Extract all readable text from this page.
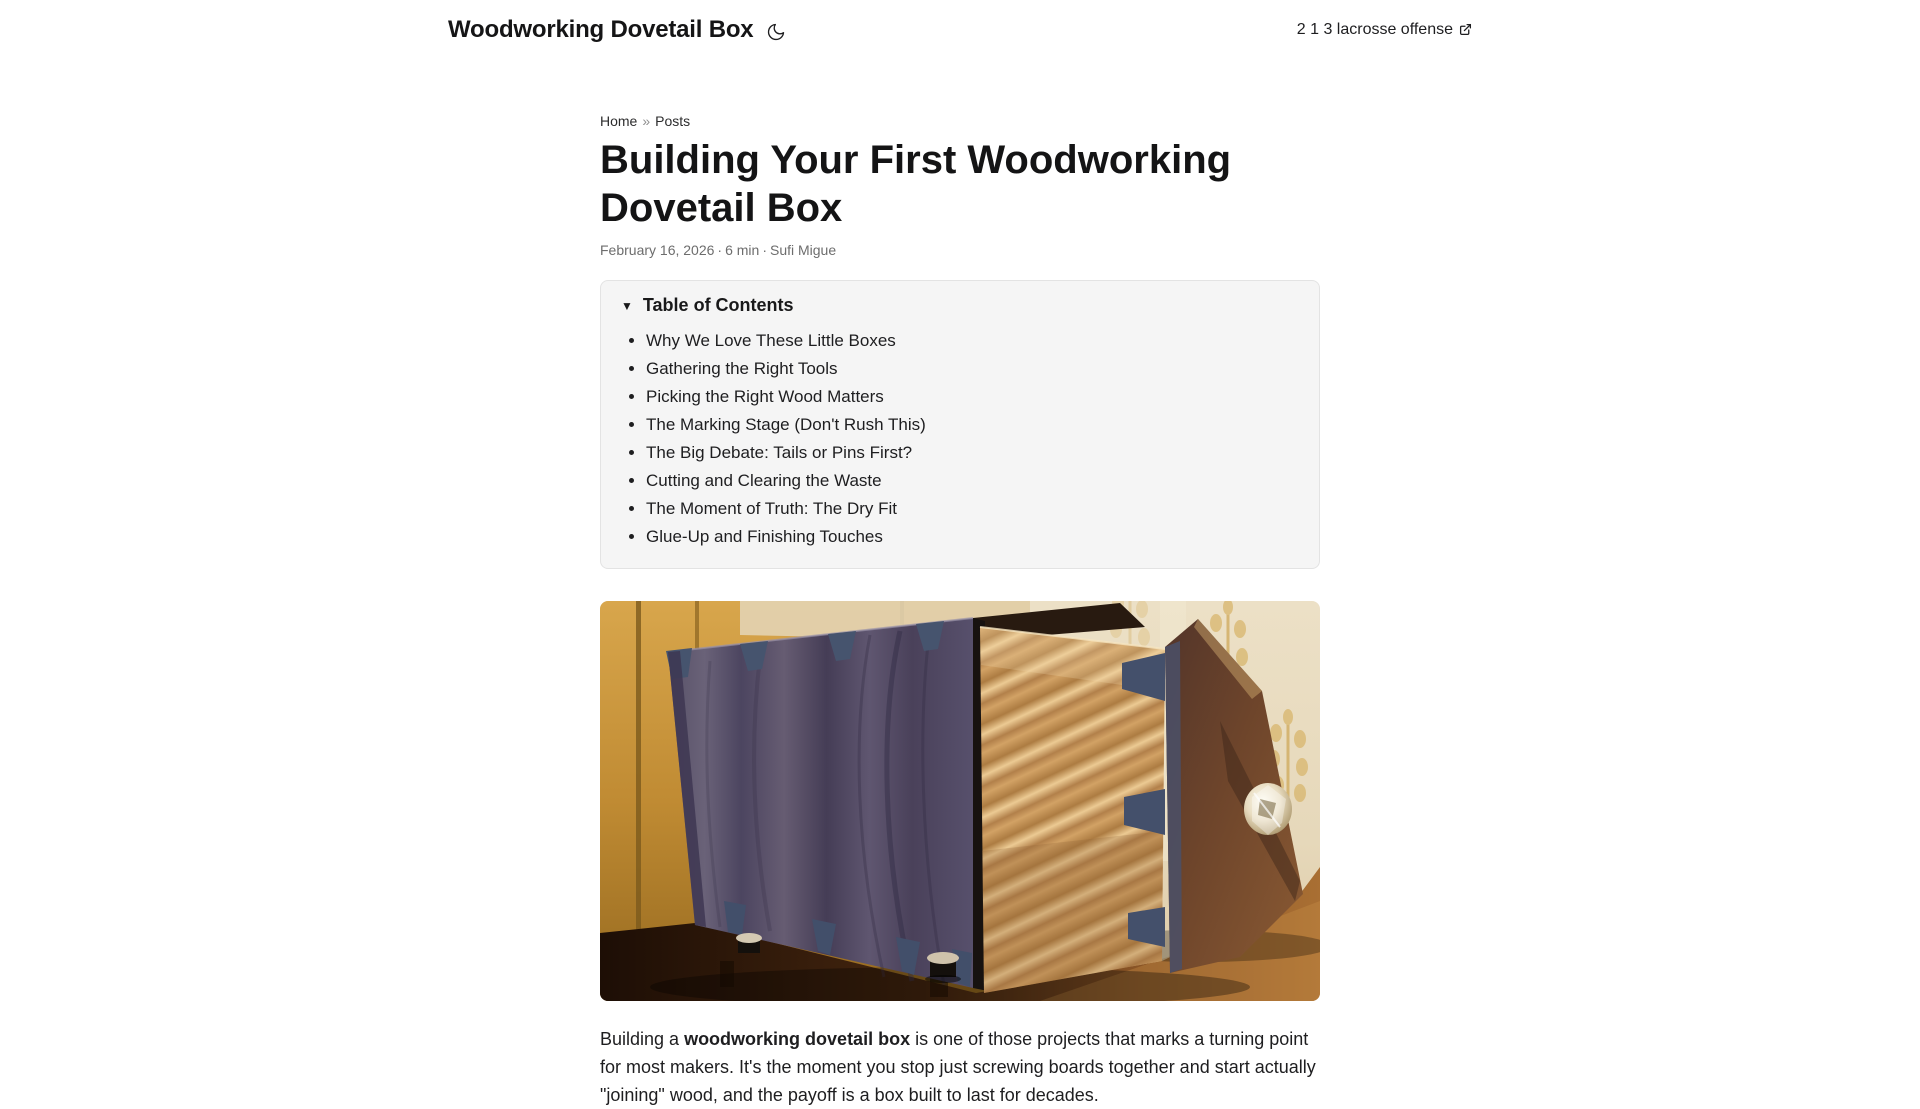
Woodworking Dovetail Box	2 1 3 lacrosse offense
Home » Posts
Building Your First Woodworking Dovetail Box
February 16, 2026 · 6 min · Sufi Migue
▼ Table of Contents
• Why We Love These Little Boxes
• Gathering the Right Tools
• Picking the Right Wood Matters
• The Marking Stage (Don't Rush This)
• The Big Debate: Tails or Pins First?
• Cutting and Clearing the Waste
• The Moment of Truth: The Dry Fit
• Glue-Up and Finishing Touches

Building a woodworking dovetail box is one of those projects that marks a turning point for most makers. It's the moment you stop just screwing boards together and start actually "joining" wood, and the payoff is a box built to last for decades.
